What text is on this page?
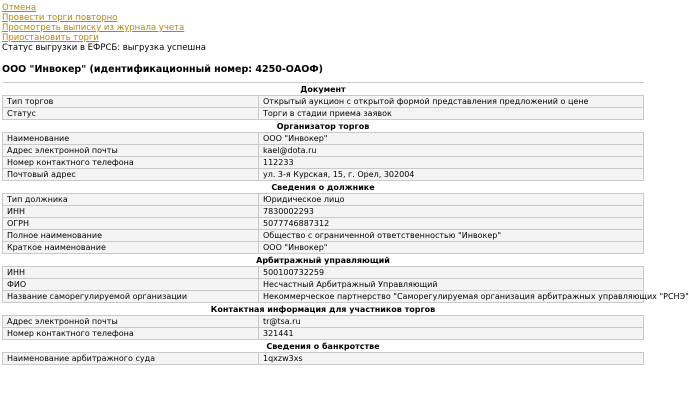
Отмена
Провести торги повторно
Просмотреть выписку из журнала учета
Приостановить торги
Статус выгрузки в ЕФРСБ: выгрузка успешна
ООО "Инвокер" (идентификационный номер: 4250-ОАОФ)
Документ	
Тип торгов	Открытый аукцион с открытой формой представления предложений о цене
Статус	Торги в стадии приема заявок
Организатор торгов	
Наименование	ООО "Инвокер"
Адрес электронной почты	kael@dota.ru
Номер контактного телефона	112233
Почтовый адрес	ул. 3-я Курская, 15, г. Орел, 302004
Сведения о должнике	
Тип должника	Юридическое лицо
ИНН	7830002293
ОГРН	5077746887312
Полное наименование	Общество с ограниченной ответственностью "Инвокер"
Краткое наименование	ООО "Инвокер"
Арбитражный управляющий	
ИНН	500100732259
ФИО	Несчастный Арбитражный Управляющий
Название саморегулируемой организации	Некоммерческое партнерство "Саморегулируемая организация арбитражных управляющих "РСНЭ"
Контактная информация для участников торгов	
Адрес электронной почты	tr@tsa.ru
Номер контактного телефона	321441
Сведения о банкротстве	
Наименование арбитражного суда	1qxzw3xs
